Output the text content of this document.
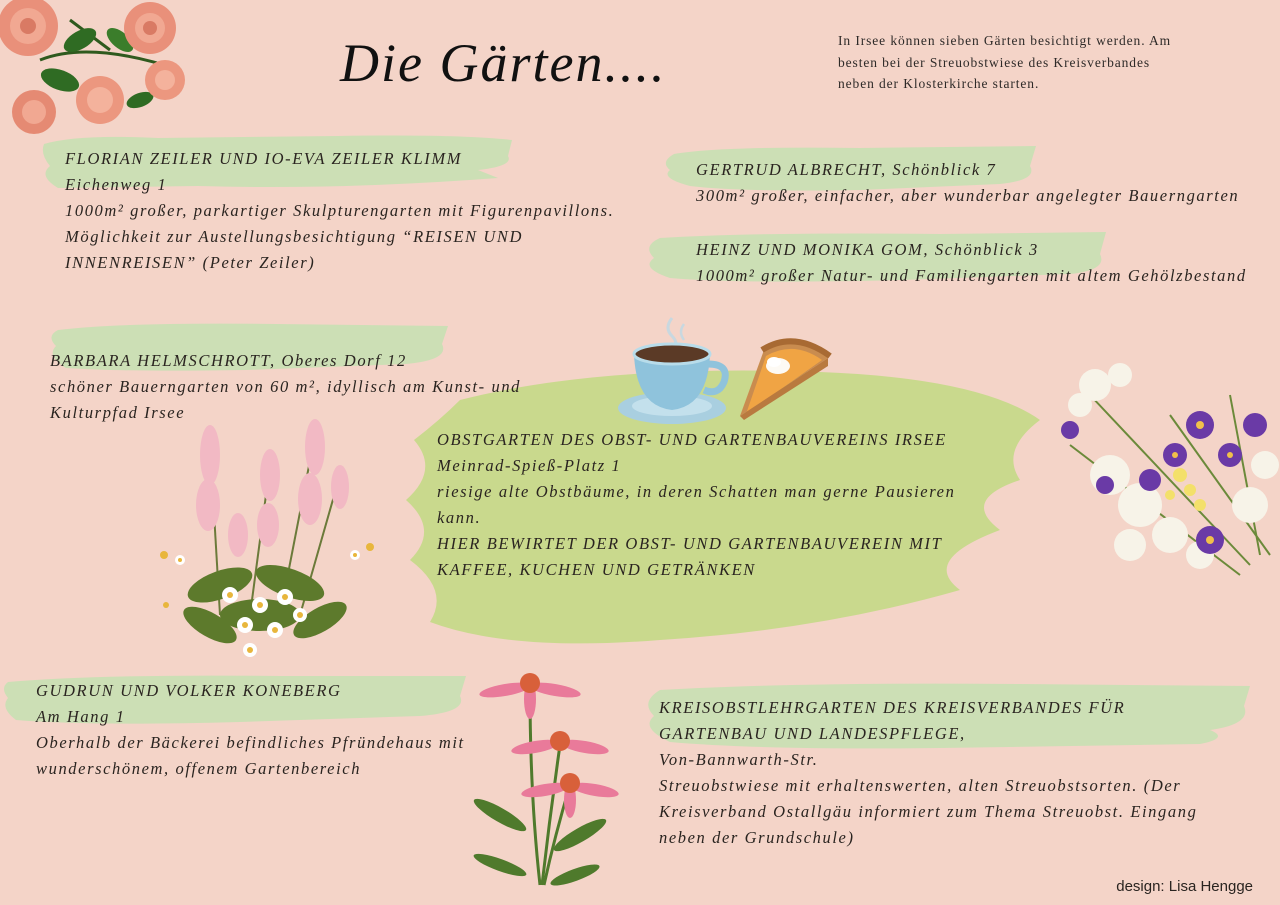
Die Gärten....	In Irsee können sieben Gärten besichtigt werden. Am
besten bei der Streuobstwiese des Kreisverbandes
neben der Klosterkirche starten.
FLORIAN ZEILER UND IO-EVA ZEILER KLIMM
Eichenweg 1
1000m² großer, parkartiger Skulpturengarten mit Figurenpavillons.
Möglichkeit zur Austellungsbesichtigung “REISEN UND
INNENREISEN” (Peter Zeiler)
GERTRUD ALBRECHT, Schönblick 7
300m² großer, einfacher, aber wunderbar angelegter Bauerngarten
HEINZ UND MONIKA GOM, Schönblick 3
1000m² großer Natur- und Familiengarten mit altem Gehölzbestand
BARBARA HELMSCHROTT, Oberes Dorf 12
schöner Bauerngarten von 60 m², idyllisch am Kunst- und
Kulturpfad Irsee
OBSTGARTEN DES OBST- UND GARTENBAUVEREINS IRSEE
Meinrad-Spieß-Platz 1
riesige alte Obstbäume, in deren Schatten man gerne Pausieren
kann.
HIER BEWIRTET DER OBST- UND GARTENBAUVEREIN MIT
KAFFEE, KUCHEN UND GETRÄNKEN
GUDRUN UND VOLKER KONEBERG
Am Hang 1
Oberhalb der Bäckerei befindliches Pfründehaus mit
wunderschönem, offenem Gartenbereich
KREISOBSTLEHRGARTEN DES KREISVERBANDES FÜR
GARTENBAU UND LANDESPFLEGE,
Von-Bannwarth-Str.
Streuobstwiese mit erhaltenswerten, alten Streuobstsorten. (Der
Kreisverband Ostallgäu informiert zum Thema Streuobst. Eingang
neben der Grundschule)
design: Lisa Hengge
